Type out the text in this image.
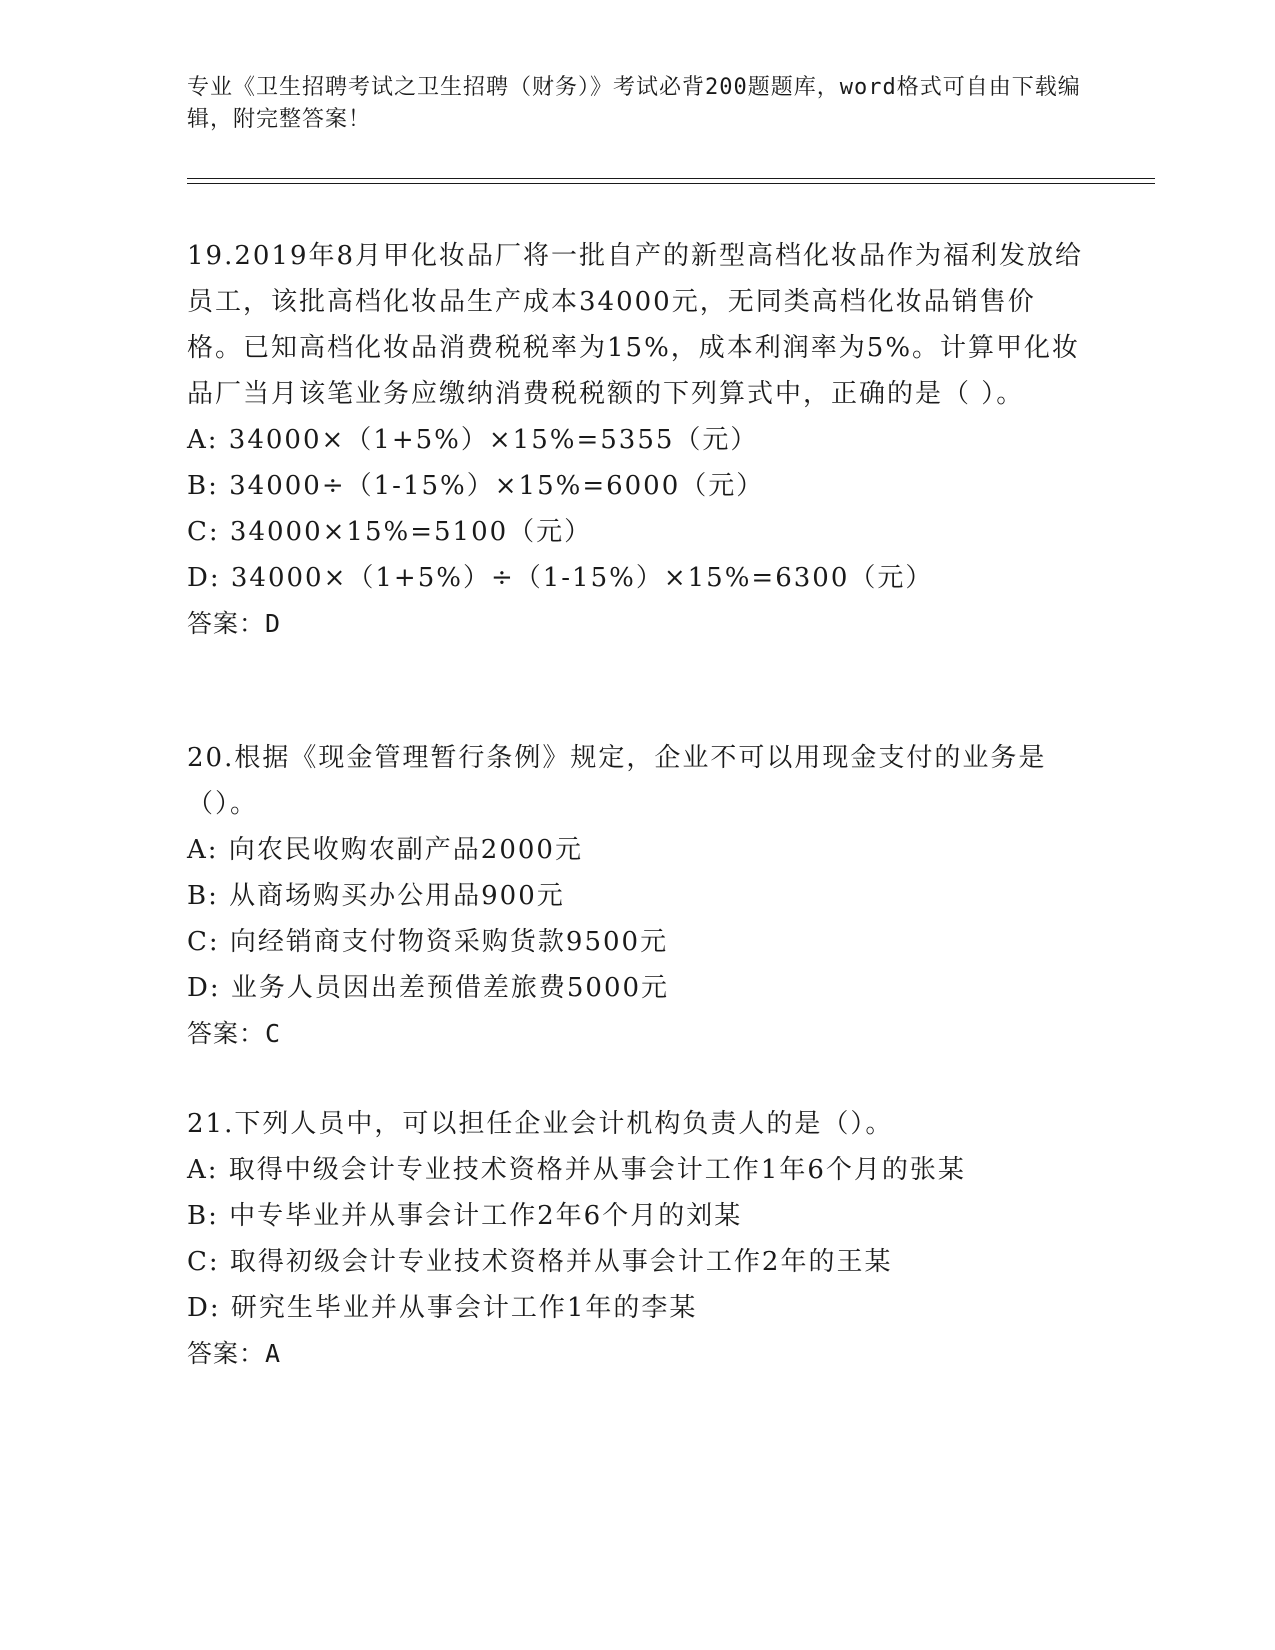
专业《卫生招聘考试之卫生招聘（财务）》考试必背200题题库，word格式可自由下载编辑，附完整答案！

19.2019年8月甲化妆品厂将一批自产的新型高档化妆品作为福利发放给员工，该批高档化妆品生产成本34000元，无同类高档化妆品销售价格。已知高档化妆品消费税税率为15%，成本利润率为5%。计算甲化妆品厂当月该笔业务应缴纳消费税税额的下列算式中，正确的是（ ）。

A: 34000×（1+5%）×15%=5355（元）

B: 34000÷（1-15%）×15%=6000（元）

C: 34000×15%=5100（元）

D: 34000×（1+5%）÷（1-15%）×15%=6300（元）

答案：D

20.根据《现金管理暂行条例》规定，企业不可以用现金支付的业务是（）。

A: 向农民收购农副产品2000元

B: 从商场购买办公用品900元

C: 向经销商支付物资采购货款9500元

D: 业务人员因出差预借差旅费5000元

答案：C

21.下列人员中，可以担任企业会计机构负责人的是（）。

A: 取得中级会计专业技术资格并从事会计工作1年6个月的张某

B: 中专毕业并从事会计工作2年6个月的刘某

C: 取得初级会计专业技术资格并从事会计工作2年的王某

D: 研究生毕业并从事会计工作1年的李某

答案：A
